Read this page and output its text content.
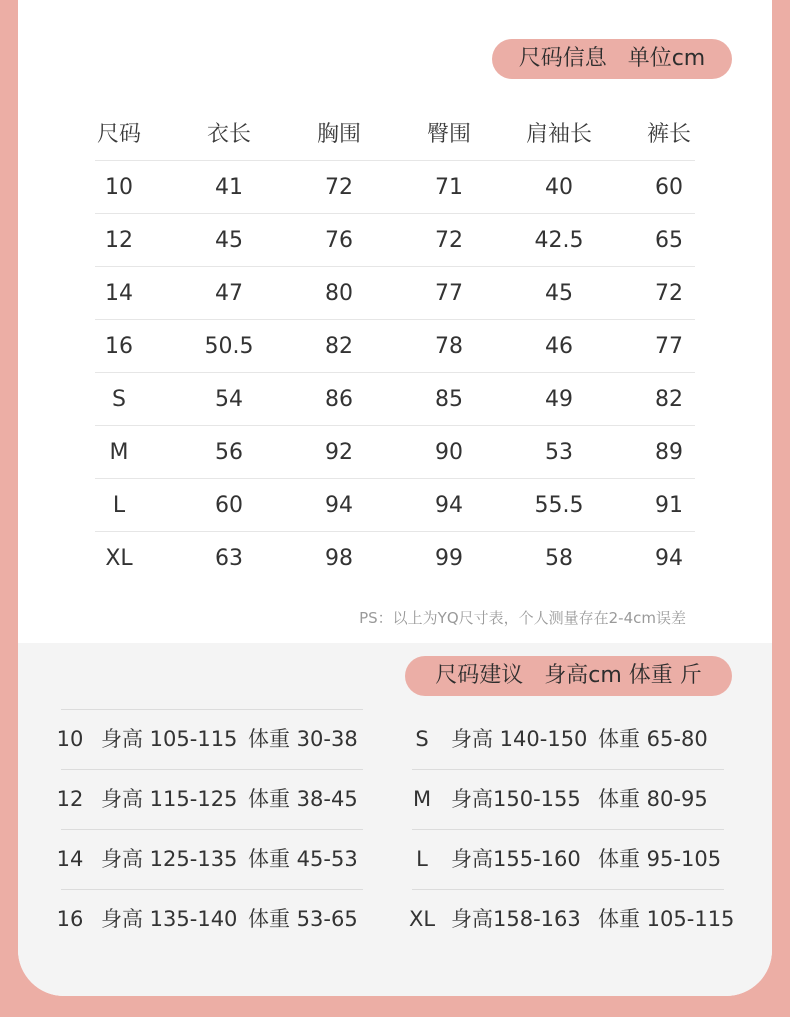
尺码信息   单位cm
尺码	衣长	胸围	臀围	肩袖长	裤长
10	41	72	71	40	60
12	45	76	72	42.5	65
14	47	80	77	45	72
16	50.5	82	78	46	77
S	54	86	85	49	82
M	56	92	90	53	89
L	60	94	94	55.5	91
XL	63	98	99	58	94
PS：以上为YQ尺寸表，个人测量存在2-4cm误差
尺码建议   身高cm 体重 斤
10 身高 105-115 体重 30-38
12 身高 115-125 体重 38-45
14 身高 125-135 体重 45-53
16 身高 135-140 体重 53-65
S	身高 140-150 体重 65-80
M 身高150-155 体重 80-95
L	身高155-160 体重 95-105
XL 身高158-163 体重 105-115
